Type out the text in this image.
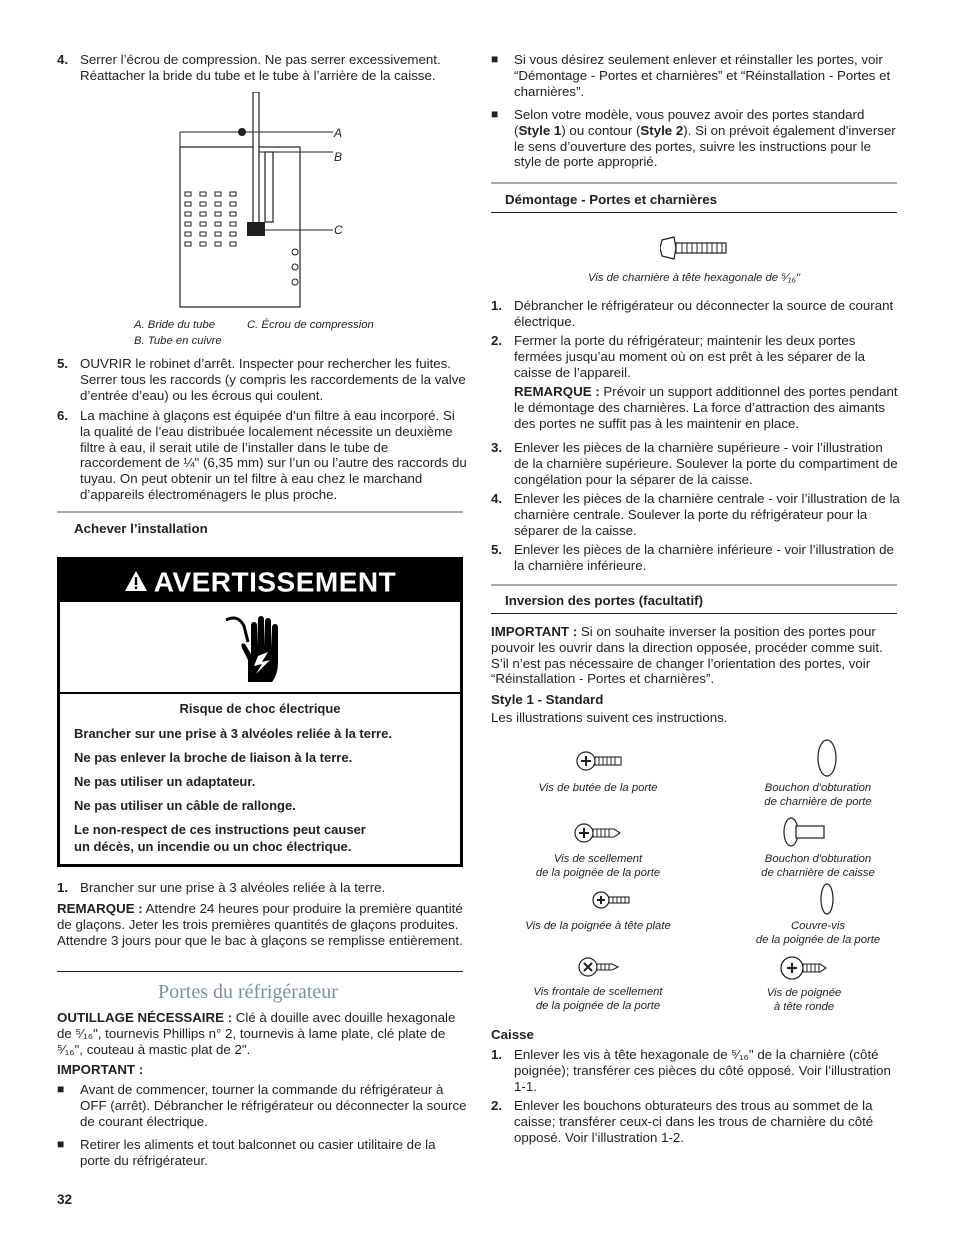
4. Serrer l’écrou de compression. Ne pas serrer excessivement. Réattacher la bride du tube et le tube à l’arrière de la caisse.
A
B
C
A. Bride du tube	C. Écrou de compression
B. Tube en cuivre
5. OUVRIR le robinet d’arrêt. Inspecter pour rechercher les fuites. Serrer tous les raccords (y compris les raccordements de la valve d’entrée d’eau) ou les écrous qui coulent.
6. La machine à glaçons est équipée d’un filtre à eau incorporé. Si la qualité de l’eau distribuée localement nécessite un deuxième filtre à eau, il serait utile de l’installer dans le tube de raccordement de ¼" (6,35 mm) sur l’un ou l’autre des raccords du tuyau. On peut obtenir un tel filtre à eau chez le marchand d’appareils électroménagers le plus proche.
Achever l’installation
AVERTISSEMENT
Risque de choc électrique
Brancher sur une prise à 3 alvéoles reliée à la terre.
Ne pas enlever la broche de liaison à la terre.
Ne pas utiliser un adaptateur.
Ne pas utiliser un câble de rallonge.
Le non-respect de ces instructions peut causer
un décès, un incendie ou un choc électrique.
1. Brancher sur une prise à 3 alvéoles reliée à la terre.
REMARQUE : Attendre 24 heures pour produire la première quantité de glaçons. Jeter les trois premières quantités de glaçons produites. Attendre 3 jours pour que le bac à glaçons se remplisse entièrement.
Portes du réfrigérateur
OUTILLAGE NÉCESSAIRE : Clé à douille avec douille hexagonale de ⁵⁄₁₆", tournevis Phillips n° 2, tournevis à lame plate, clé plate de ⁵⁄₁₆", couteau à mastic plat de 2".
IMPORTANT :
■ Avant de commencer, tourner la commande du réfrigérateur à OFF (arrêt). Débrancher le réfrigérateur ou déconnecter la source de courant électrique.
■ Retirer les aliments et tout balconnet ou casier utilitaire de la porte du réfrigérateur.
32
■ Si vous désirez seulement enlever et réinstaller les portes, voir “Démontage - Portes et charnières” et “Réinstallation - Portes et charnières”.
■ Selon votre modèle, vous pouvez avoir des portes standard (Style 1) ou contour (Style 2). Si on prévoit également d'inverser le sens d’ouverture des portes, suivre les instructions pour le style de porte approprié.
Démontage - Portes et charnières
Vis de charnière à tête hexagonale de ⁵⁄₁₆"
1. Débrancher le réfrigérateur ou déconnecter la source de courant électrique.
2. Fermer la porte du réfrigérateur; maintenir les deux portes fermées jusqu’au moment où on est prêt à les séparer de la caisse de l’appareil.
REMARQUE : Prévoir un support additionnel des portes pendant le démontage des charnières. La force d’attraction des aimants des portes ne suffit pas à les maintenir en place.
3. Enlever les pièces de la charnière supérieure - voir l’illustration de la charnière supérieure. Soulever la porte du compartiment de congélation pour la séparer de la caisse.
4. Enlever les pièces de la charnière centrale - voir l’illustration de la charnière centrale. Soulever la porte du réfrigérateur pour la séparer de la caisse.
5. Enlever les pièces de la charnière inférieure - voir l’illustration de la charnière inférieure.
Inversion des portes (facultatif)
IMPORTANT : Si on souhaite inverser la position des portes pour pouvoir les ouvrir dans la direction opposée, procéder comme suit. S’il n’est pas nécessaire de changer l’orientation des portes, voir “Réinstallation - Portes et charnières”.
Style 1 - Standard
Les illustrations suivent ces instructions.
Vis de butée de la porte	Bouchon d'obturation
de charnière de porte
Vis de scellement
de la poignée de la porte
Bouchon d'obturation
de charnière de caisse
Vis de la poignée à tête plate	Couvre-vis
de la poignée de la porte
Vis frontale de scellement
de la poignée de la porte
Vis de poignée
à tête ronde
Caisse
1. Enlever les vis à tête hexagonale de ⁵⁄₁₆" de la charnière (côté poignée); transférer ces pièces du côté opposé. Voir l’illustration 1-1.
2. Enlever les bouchons obturateurs des trous au sommet de la caisse; transférer ceux-ci dans les trous de charnière du côté opposé. Voir l’illustration 1-2.
